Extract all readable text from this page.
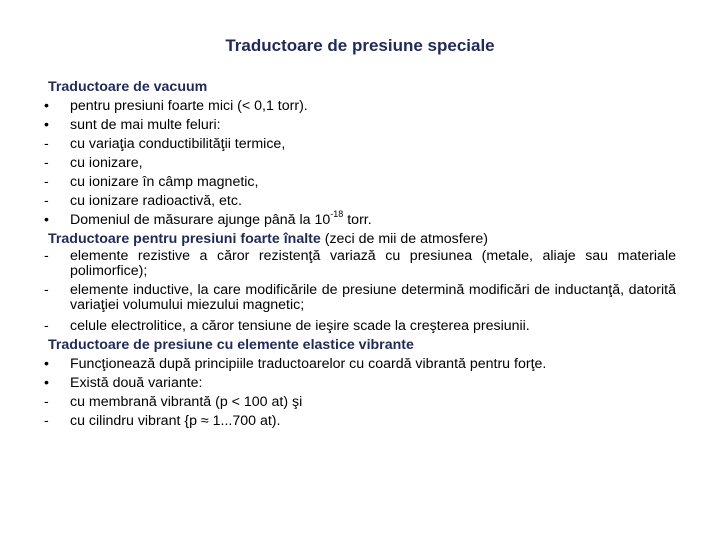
Traductoare de presiune speciale
Traductoare de vacuum
•	pentru presiuni foarte mici (< 0,1 torr).
•	sunt de mai multe feluri:
-	cu variaţia conductibilităţii termice,
-	cu ionizare,
-	cu ionizare în câmp magnetic,
-	cu ionizare radioactivă, etc.
•	Domeniul de măsurare ajunge până la $10^{-18}$ torr.
Traductoare pentru presiuni foarte înalte (zeci de mii de atmosfere)
-	elemente rezistive a căror rezistenţă variază cu presiunea (metale, aliaje sau materiale polimorfice);
-	elemente inductive, la care modificările de presiune determină modificări de inductanţă, datorită variaţiei volumului miezului magnetic;
-	celule electrolitice, a căror tensiune de ieşire scade la creşterea presiunii.
Traductoare de presiune cu elemente elastice vibrante
•	Funcţionează după principiile traductoarelor cu coardă vibrantă pentru forţe.
•	Există două variante:
-	cu membrană vibrantă (p < 100 at) şi
-	cu cilindru vibrant {p ≈ 1...700 at).
